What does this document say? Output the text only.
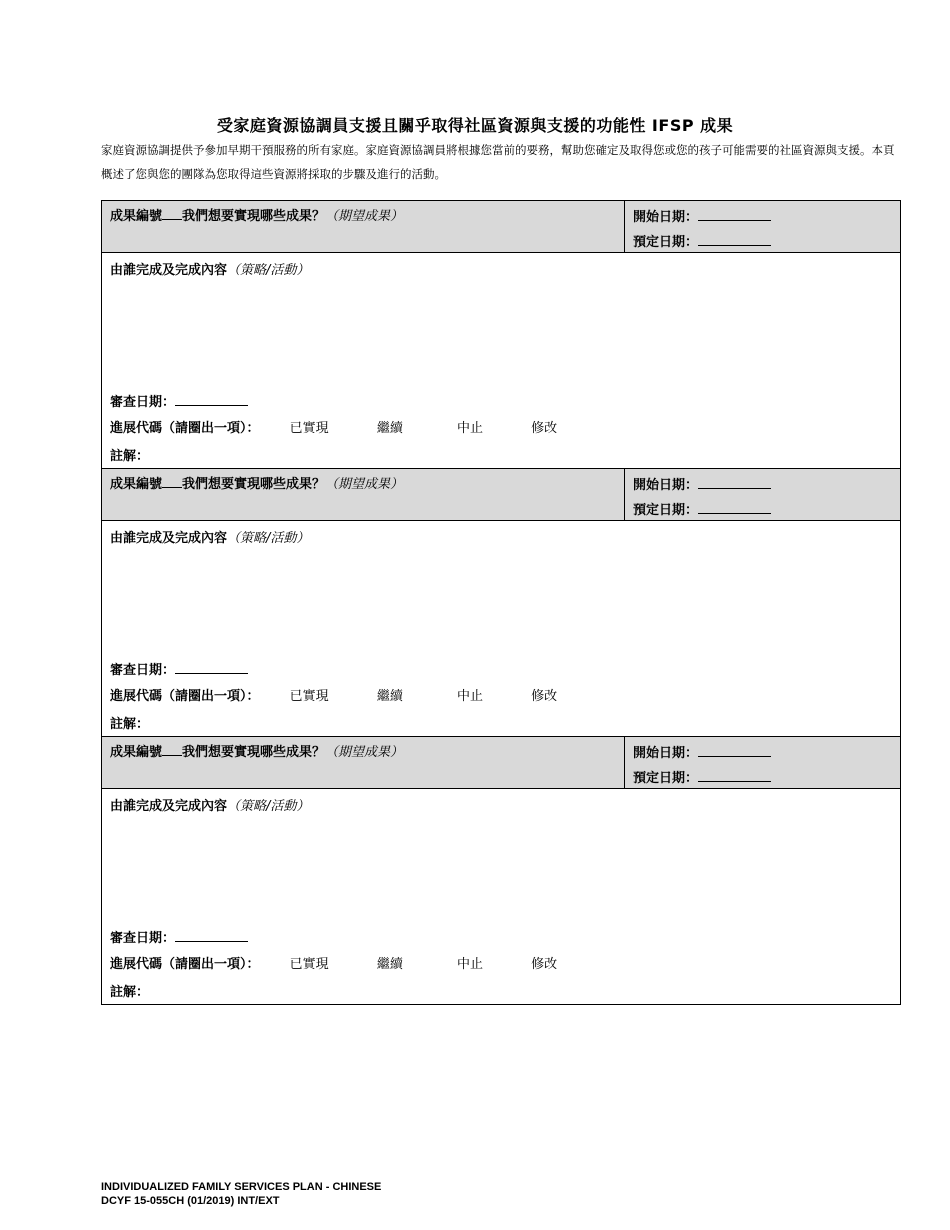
受家庭資源協調員支援且關乎取得社區資源與支援的功能性 IFSP 成果
家庭資源協調提供予參加早期干預服務的所有家庭。家庭資源協調員將根據您當前的要務，幫助您確定及取得您或您的孩子可能需要的社區資源與支援。本頁概述了您與您的團隊為您取得這些資源將採取的步驟及進行的活動。
成果編號 我們想要實現哪些成果？（期望成果）	開始日期：
預定日期：
由誰完成及完成內容（策略/活動）
審查日期：
進展代碼（請圈出一項）： 已實現	繼續	中止	修改
註解：
成果編號 我們想要實現哪些成果？（期望成果）	開始日期：
預定日期：
由誰完成及完成內容（策略/活動）
審查日期：
進展代碼（請圈出一項）： 已實現	繼續	中止	修改
註解：
成果編號 我們想要實現哪些成果？（期望成果）	開始日期：
預定日期：
由誰完成及完成內容（策略/活動）
審查日期：
進展代碼（請圈出一項）： 已實現	繼續	中止	修改
註解：
INDIVIDUALIZED FAMILY SERVICES PLAN - CHINESE
DCYF 15-055CH (01/2019) INT/EXT
